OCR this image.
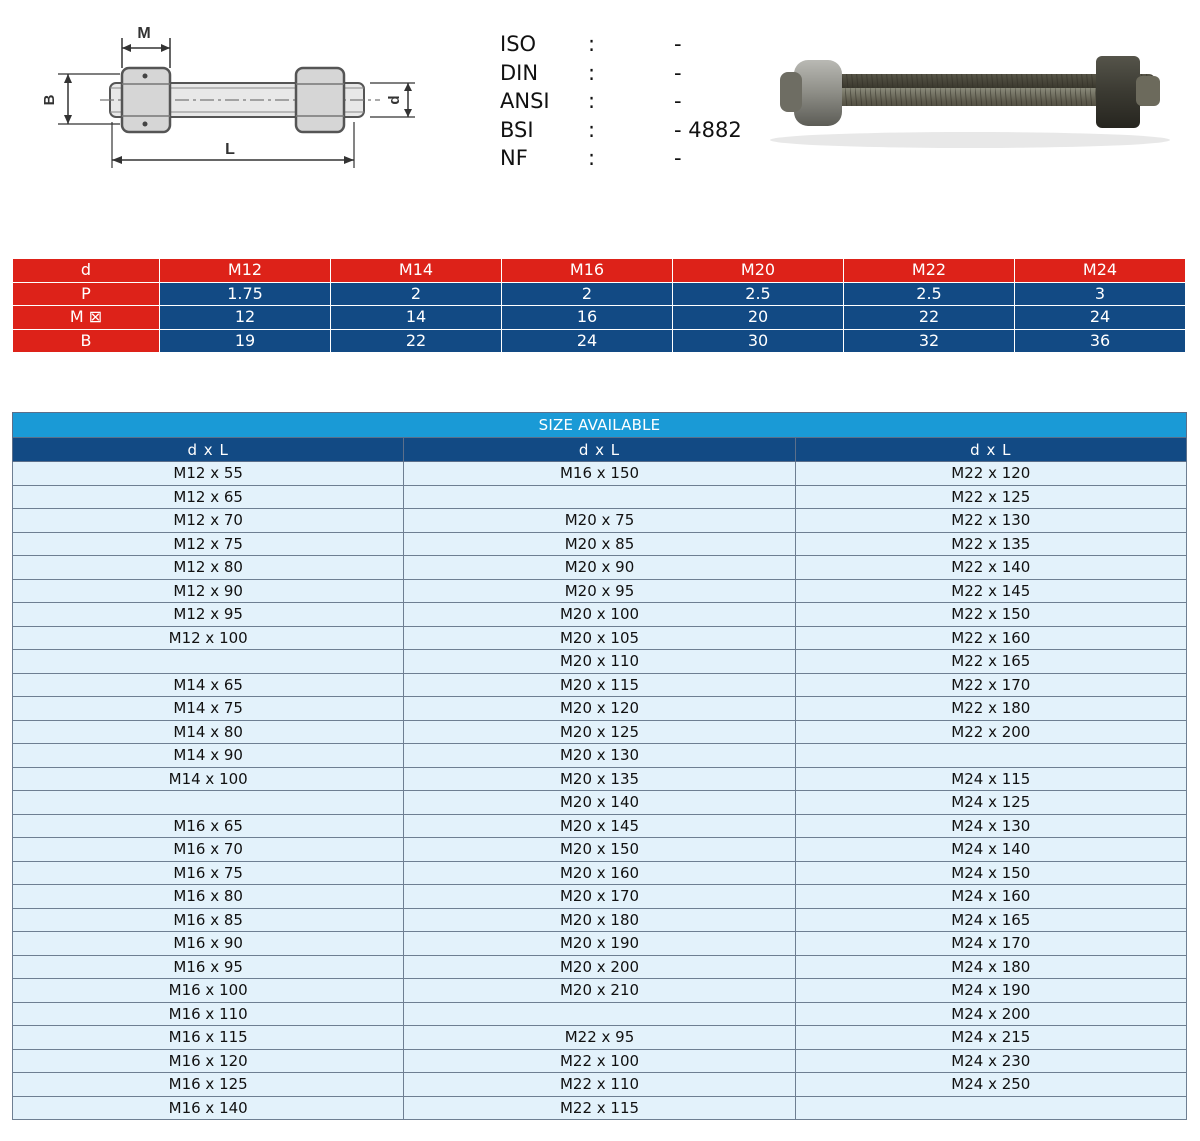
M
B	d
L
ISO	:	-
DIN	:	-
ANSI	:	-
BSI	:	- 4882
NF	:	-
d	M12	M14	M16	M20	M22	M24
P	1.75	2	2	2.5	2.5	3
M ⊠	12	14	16	20	22	24
B	19	22	24	30	32	36
SIZE AVAILABLE		
d x L	d x L	d x L
M12 x 55	M16 x 150	M22 x 120
M12 x 65		M22 x 125
M12 x 70	M20 x 75	M22 x 130
M12 x 75	M20 x 85	M22 x 135
M12 x 80	M20 x 90	M22 x 140
M12 x 90	M20 x 95	M22 x 145
M12 x 95	M20 x 100	M22 x 150
M12 x 100	M20 x 105	M22 x 160
	M20 x 110	M22 x 165
M14 x 65	M20 x 115	M22 x 170
M14 x 75	M20 x 120	M22 x 180
M14 x 80	M20 x 125	M22 x 200
M14 x 90	M20 x 130	
M14 x 100	M20 x 135	M24 x 115
	M20 x 140	M24 x 125
M16 x 65	M20 x 145	M24 x 130
M16 x 70	M20 x 150	M24 x 140
M16 x 75	M20 x 160	M24 x 150
M16 x 80	M20 x 170	M24 x 160
M16 x 85	M20 x 180	M24 x 165
M16 x 90	M20 x 190	M24 x 170
M16 x 95	M20 x 200	M24 x 180
M16 x 100	M20 x 210	M24 x 190
M16 x 110		M24 x 200
M16 x 115	M22 x 95	M24 x 215
M16 x 120	M22 x 100	M24 x 230
M16 x 125	M22 x 110	M24 x 250
M16 x 140	M22 x 115	
